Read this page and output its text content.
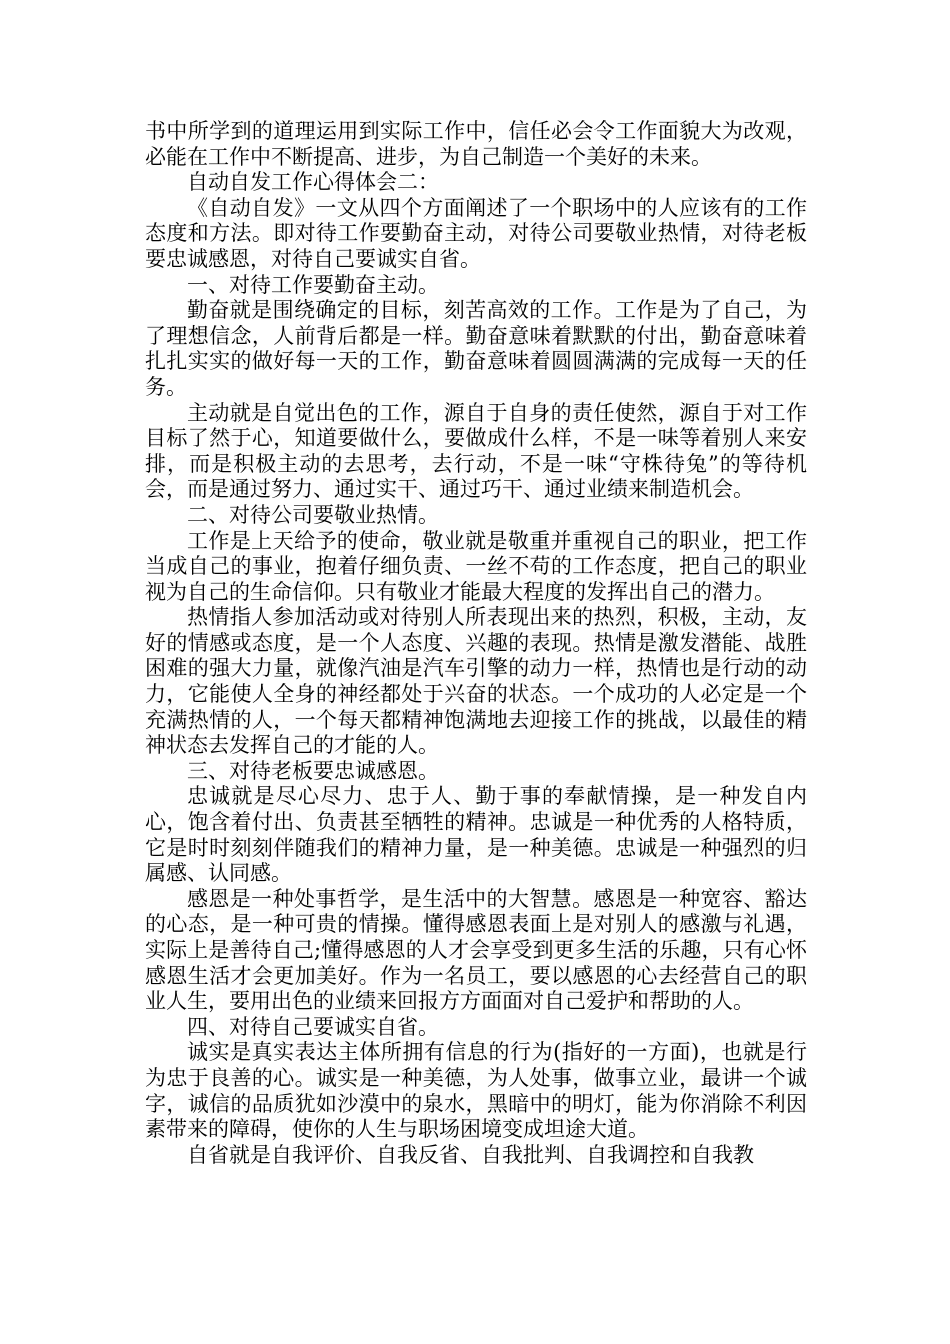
书中所学到的道理运用到实际工作中，信任必会令工作面貌大为改观，必能在工作中不断提高、进步，为自己制造一个美好的未来。

自动自发工作心得体会二：

《自动自发》一文从四个方面阐述了一个职场中的人应该有的工作态度和方法。即对待工作要勤奋主动，对待公司要敬业热情，对待老板要忠诚感恩，对待自己要诚实自省。

一、对待工作要勤奋主动。

勤奋就是围绕确定的目标，刻苦高效的工作。工作是为了自己，为了理想信念，人前背后都是一样。勤奋意味着默默的付出，勤奋意味着扎扎实实的做好每一天的工作，勤奋意味着圆圆满满的完成每一天的任务。

主动就是自觉出色的工作，源自于自身的责任使然，源自于对工作目标了然于心，知道要做什么，要做成什么样，不是一味等着别人来安排，而是积极主动的去思考，去行动，不是一味“守株待兔”的等待机会，而是通过努力、通过实干、通过巧干、通过业绩来制造机会。

二、对待公司要敬业热情。

工作是上天给予的使命，敬业就是敬重并重视自己的职业，把工作当成自己的事业，抱着仔细负责、一丝不苟的工作态度，把自己的职业视为自己的生命信仰。只有敬业才能最大程度的发挥出自己的潜力。

热情指人参加活动或对待别人所表现出来的热烈，积极，主动，友好的情感或态度，是一个人态度、兴趣的表现。热情是激发潜能、战胜困难的强大力量，就像汽油是汽车引擎的动力一样，热情也是行动的动力，它能使人全身的神经都处于兴奋的状态。一个成功的人必定是一个充满热情的人，一个每天都精神饱满地去迎接工作的挑战，以最佳的精神状态去发挥自己的才能的人。

三、对待老板要忠诚感恩。

忠诚就是尽心尽力、忠于人、勤于事的奉献情操，是一种发自内心，饱含着付出、负责甚至牺牲的精神。忠诚是一种优秀的人格特质，它是时时刻刻伴随我们的精神力量，是一种美德。忠诚是一种强烈的归属感、认同感。

感恩是一种处事哲学，是生活中的大智慧。感恩是一种宽容、豁达的心态，是一种可贵的情操。懂得感恩表面上是对别人的感激与礼遇，实际上是善待自己;懂得感恩的人才会享受到更多生活的乐趣，只有心怀感恩生活才会更加美好。作为一名员工，要以感恩的心去经营自己的职业人生，要用出色的业绩来回报方方面面对自己爱护和帮助的人。

四、对待自己要诚实自省。

诚实是真实表达主体所拥有信息的行为(指好的一方面)，也就是行为忠于良善的心。诚实是一种美德，为人处事，做事立业，最讲一个诚字，诚信的品质犹如沙漠中的泉水，黑暗中的明灯，能为你消除不利因素带来的障碍，使你的人生与职场困境变成坦途大道。

自省就是自我评价、自我反省、自我批判、自我调控和自我教
